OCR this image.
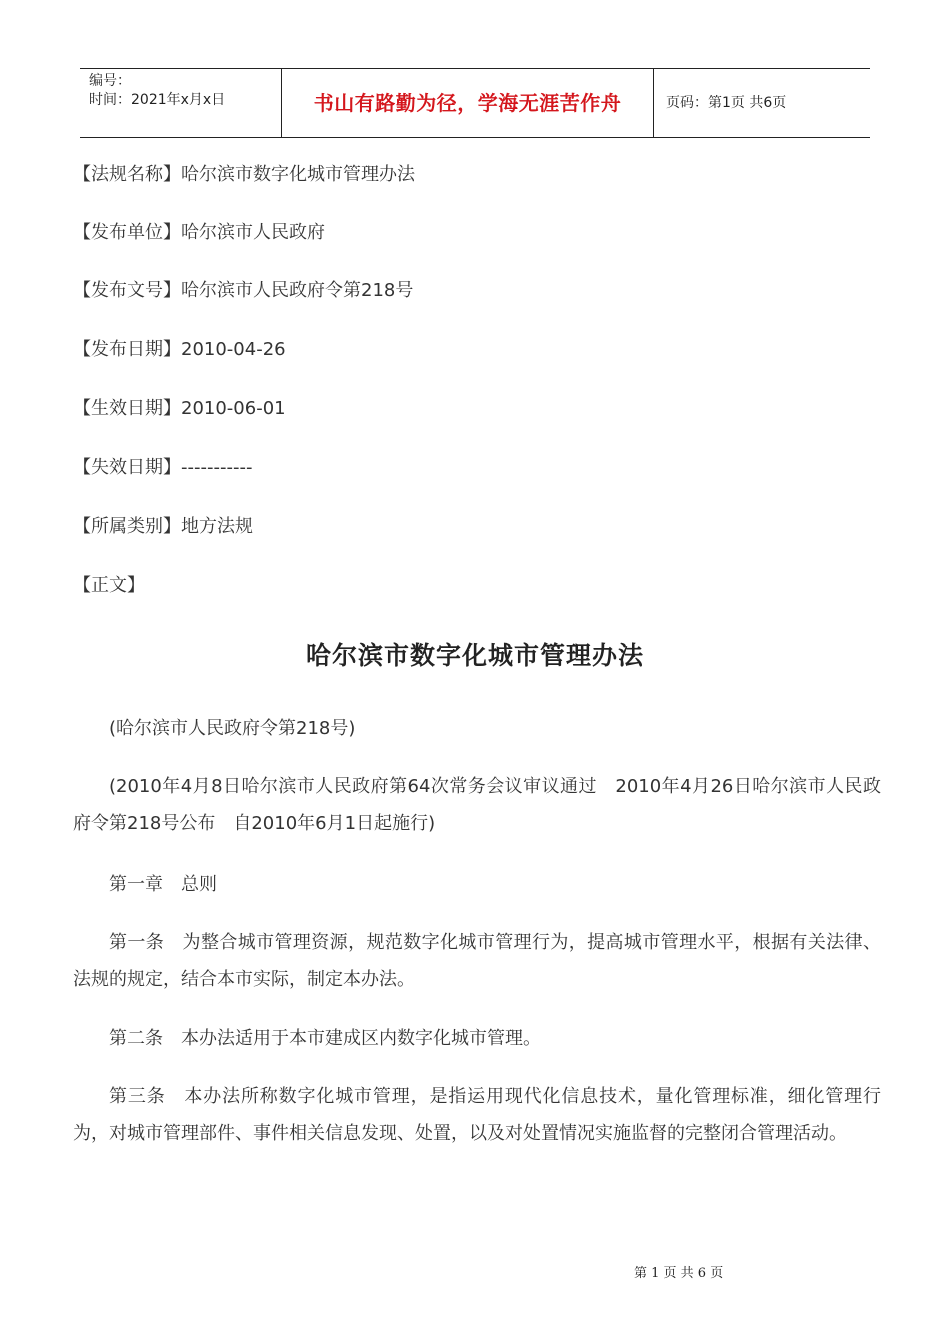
编号：
时间：2021年x月x日	书山有路勤为径，学海无涯苦作舟	页码：第1页 共6页
【法规名称】哈尔滨市数字化城市管理办法
【发布单位】哈尔滨市人民政府
【发布文号】哈尔滨市人民政府令第218号
【发布日期】2010-04-26
【生效日期】2010-06-01
【失效日期】-----------
【所属类别】地方法规
【正文】
哈尔滨市数字化城市管理办法
(哈尔滨市人民政府令第218号)
(2010年4月8日哈尔滨市人民政府第64次常务会议审议通过　2010年4月26日哈尔滨市人民政府令第218号公布　自2010年6月1日起施行)
第一章　总则
第一条　为整合城市管理资源，规范数字化城市管理行为，提高城市管理水平，根据有关法律、法规的规定，结合本市实际，制定本办法。
第二条　本办法适用于本市建成区内数字化城市管理。
第三条　本办法所称数字化城市管理，是指运用现代化信息技术，量化管理标准，细化管理行为，对城市管理部件、事件相关信息发现、处置，以及对处置情况实施监督的完整闭合管理活动。
第 1 页 共 6 页
